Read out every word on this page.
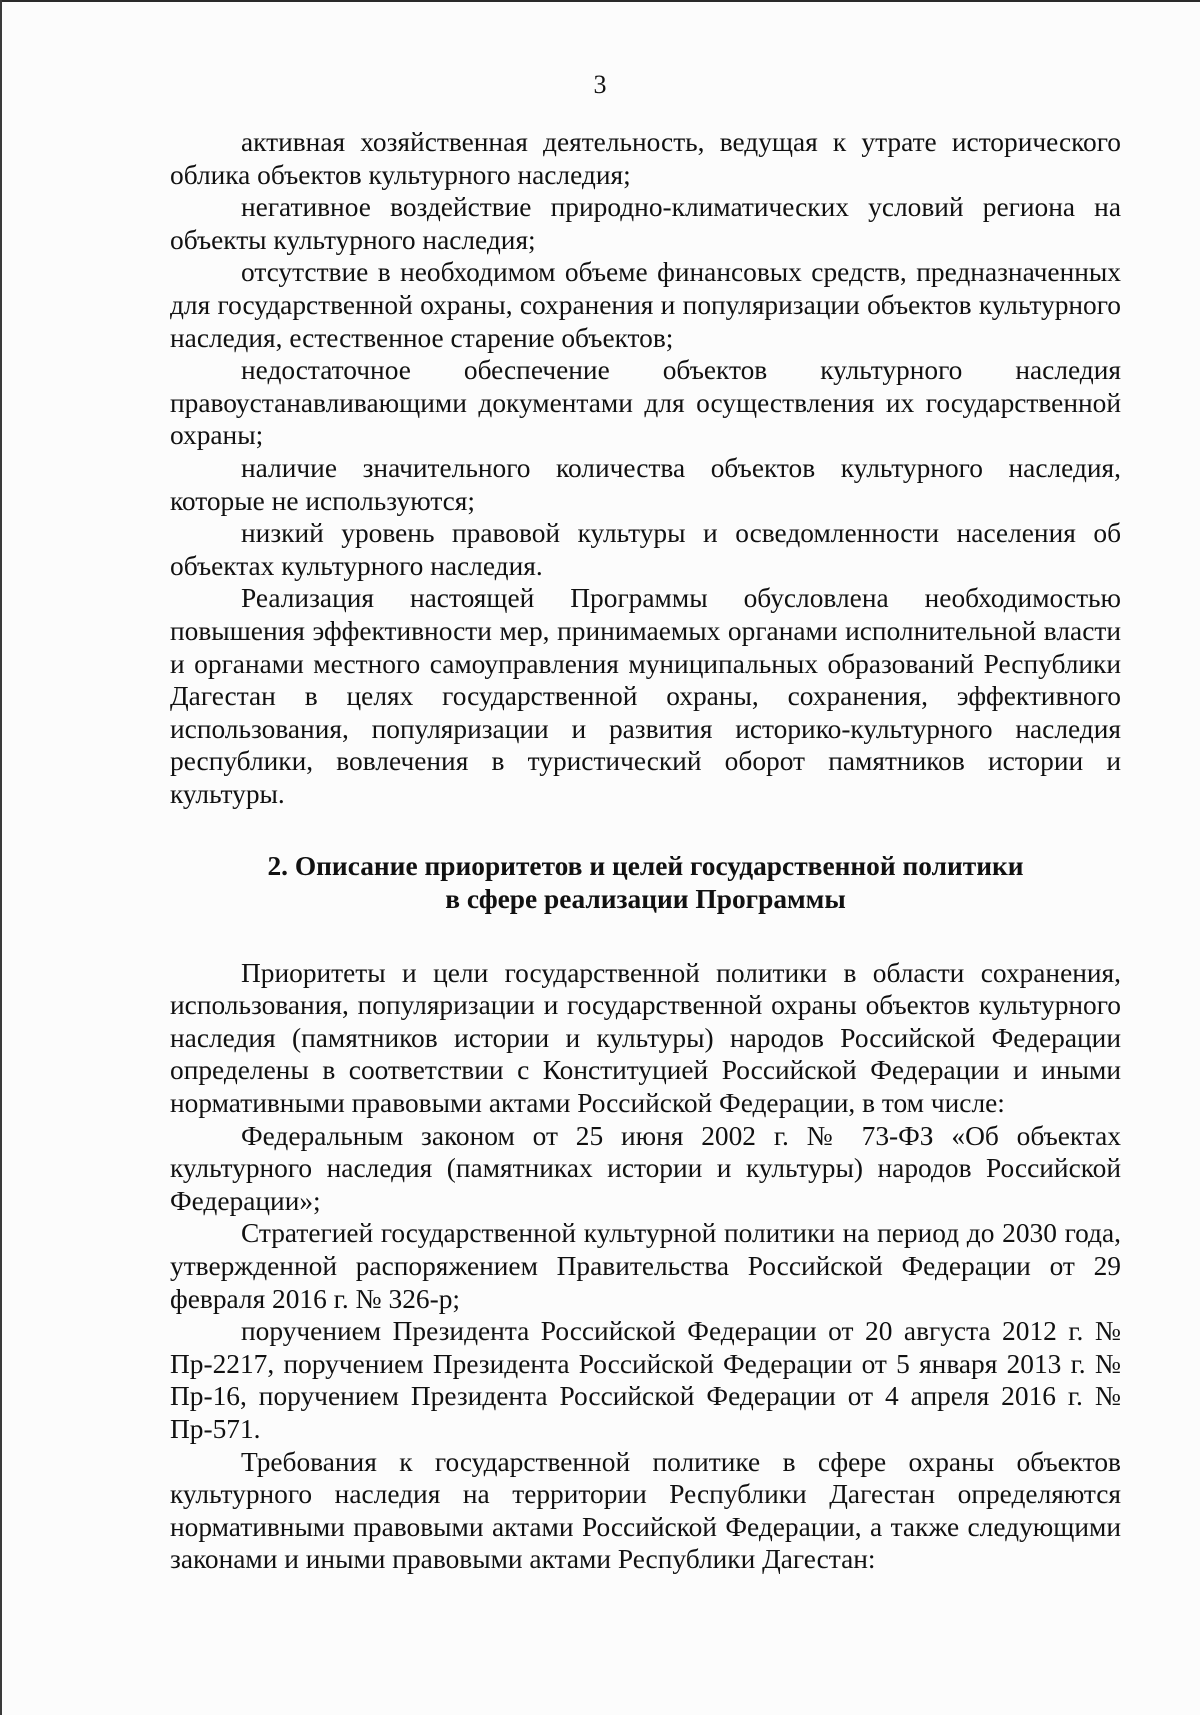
3

активная хозяйственная деятельность, ведущая к утрате исторического облика объектов культурного наследия;

негативное воздействие природно-климатических условий региона на объекты культурного наследия;

отсутствие в необходимом объеме финансовых средств, предназначенных для государственной охраны, сохранения и популяризации объектов культурного наследия, естественное старение объектов;

недостаточное обеспечение объектов культурного наследия правоустанавливающими документами для осуществления их государственной охраны;

наличие значительного количества объектов культурного наследия, которые не используются;

низкий уровень правовой культуры и осведомленности населения об объектах культурного наследия.

Реализация настоящей Программы обусловлена необходимостью повышения эффективности мер, принимаемых органами исполнительной власти и органами местного самоуправления муниципальных образований Республики Дагестан в целях государственной охраны, сохранения, эффективного использования, популяризации и развития историко-культурного наследия республики, вовлечения в туристический оборот памятников истории и культуры.

2. Описание приоритетов и целей государственной политики
в сфере реализации Программы

Приоритеты и цели государственной политики в области сохранения, использования, популяризации и государственной охраны объектов культурного наследия (памятников истории и культуры) народов Российской Федерации определены в соответствии с Конституцией Российской Федерации и иными нормативными правовыми актами Российской Федерации, в том числе:

Федеральным законом от 25 июня 2002 г. № 73-ФЗ «Об объектах культурного наследия (памятниках истории и культуры) народов Российской Федерации»;

Стратегией государственной культурной политики на период до 2030 года, утвержденной распоряжением Правительства Российской Федерации от 29 февраля 2016 г. № 326-р;

поручением Президента Российской Федерации от 20 августа 2012 г. № Пр-2217, поручением Президента Российской Федерации от 5 января 2013 г. № Пр-16, поручением Президента Российской Федерации от 4 апреля 2016 г. № Пр-571.

Требования к государственной политике в сфере охраны объектов культурного наследия на территории Республики Дагестан определяются нормативными правовыми актами Российской Федерации, а также следующими законами и иными правовыми актами Республики Дагестан:
